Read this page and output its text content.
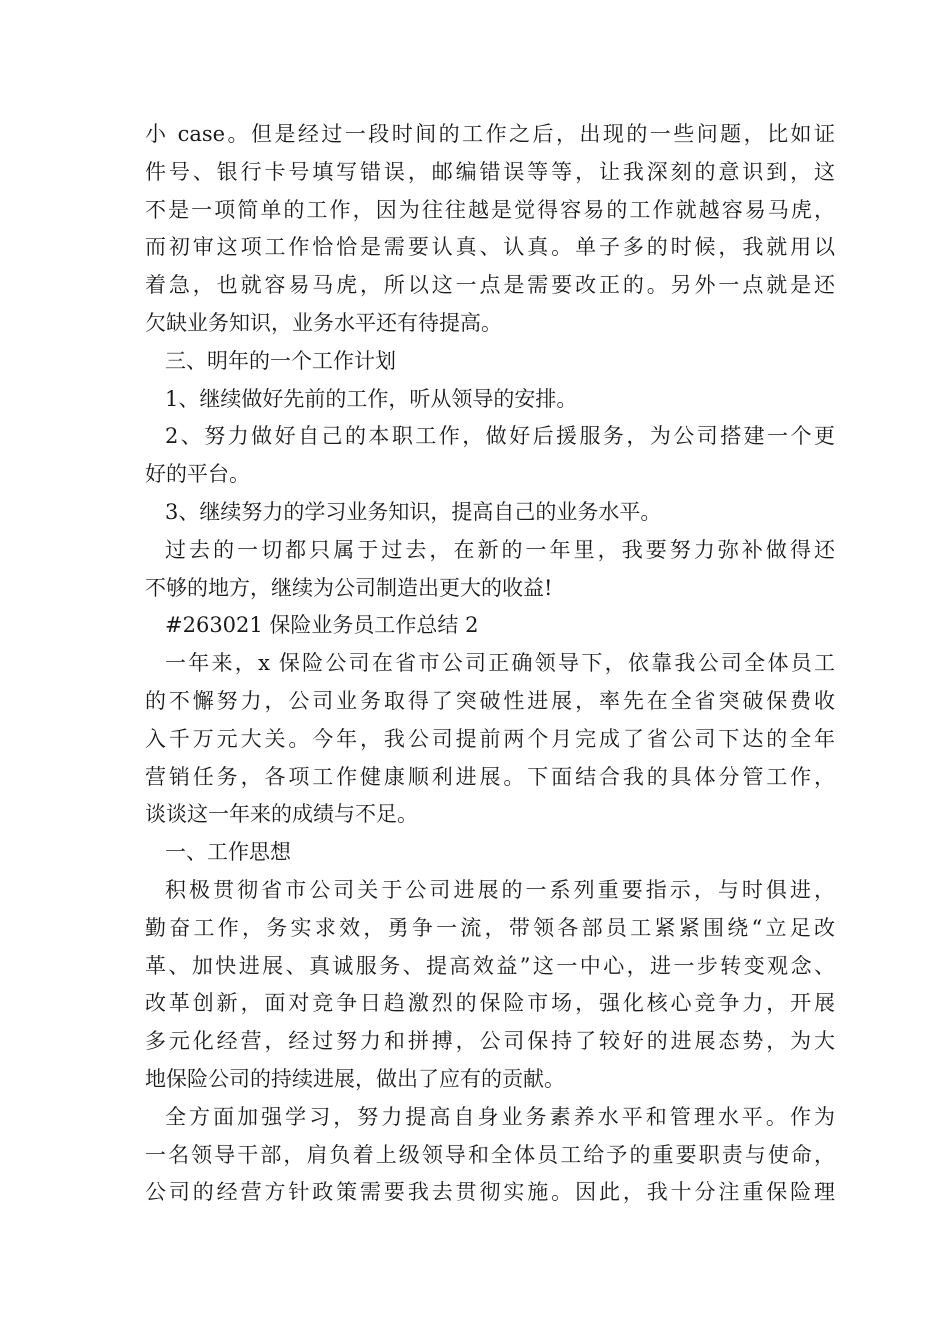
小 case。但是经过一段时间的工作之后，出现的一些问题，比如证
件号、银行卡号填写错误，邮编错误等等，让我深刻的意识到，这
不是一项简单的工作，因为往往越是觉得容易的工作就越容易马虎，
而初审这项工作恰恰是需要认真、认真。单子多的时候，我就用以
着急，也就容易马虎，所以这一点是需要改正的。另外一点就是还
欠缺业务知识，业务水平还有待提高。
三、明年的一个工作计划
1、继续做好先前的工作，听从领导的安排。
2、努力做好自己的本职工作，做好后援服务，为公司搭建一个更
好的平台。
3、继续努力的学习业务知识，提高自己的业务水平。
过去的一切都只属于过去，在新的一年里，我要努力弥补做得还
不够的地方，继续为公司制造出更大的收益!
#263021 保险业务员工作总结 2
一年来，x 保险公司在省市公司正确领导下，依靠我公司全体员工
的不懈努力，公司业务取得了突破性进展，率先在全省突破保费收
入千万元大关。今年，我公司提前两个月完成了省公司下达的全年
营销任务，各项工作健康顺利进展。下面结合我的具体分管工作，
谈谈这一年来的成绩与不足。
一、工作思想
积极贯彻省市公司关于公司进展的一系列重要指示，与时俱进，
勤奋工作，务实求效，勇争一流，带领各部员工紧紧围绕“立足改
革、加快进展、真诚服务、提高效益”这一中心，进一步转变观念、
改革创新，面对竞争日趋激烈的保险市场，强化核心竞争力，开展
多元化经营，经过努力和拼搏，公司保持了较好的进展态势，为大
地保险公司的持续进展，做出了应有的贡献。
全方面加强学习，努力提高自身业务素养水平和管理水平。作为
一名领导干部，肩负着上级领导和全体员工给予的重要职责与使命，
公司的经营方针政策需要我去贯彻实施。因此，我十分注重保险理
